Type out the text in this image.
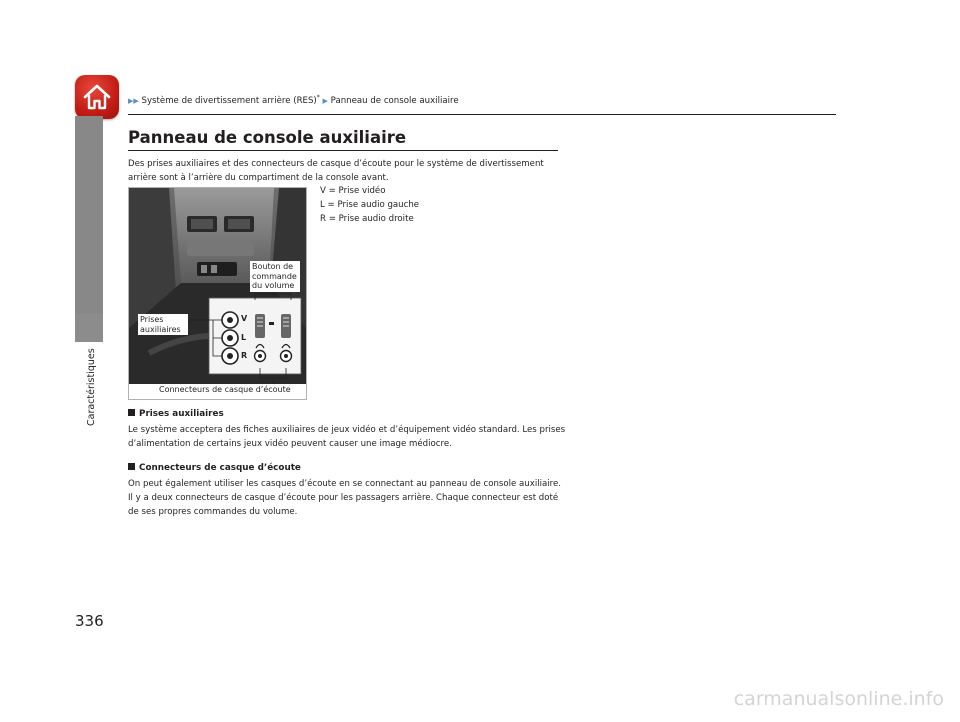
▶▶ Système de divertissement arrière (RES)* ▶ Panneau de console auxiliaire
Caractéristiques
336
Panneau de console auxiliaire
Des prises auxiliaires et des connecteurs de casque d’écoute pour le système de divertissement arrière sont à l’arrière du compartiment de la console avant.
V = Prise vidéo
L = Prise audio gauche
R = Prise audio droite
Bouton de
commande
du volume
Prises
auxiliaires
V
L
R
Connecteurs de casque d’écoute
Prises auxiliaires

Le système acceptera des fiches auxiliaires de jeux vidéo et d’équipement vidéo standard. Les prises d’alimentation de certains jeux vidéo peuvent causer une image médiocre.

Connecteurs de casque d’écoute

On peut également utiliser les casques d’écoute en se connectant au panneau de console auxiliaire.

Il y a deux connecteurs de casque d’écoute pour les passagers arrière. Chaque connecteur est doté de ses propres commandes du volume.

carmanualsonline.info
